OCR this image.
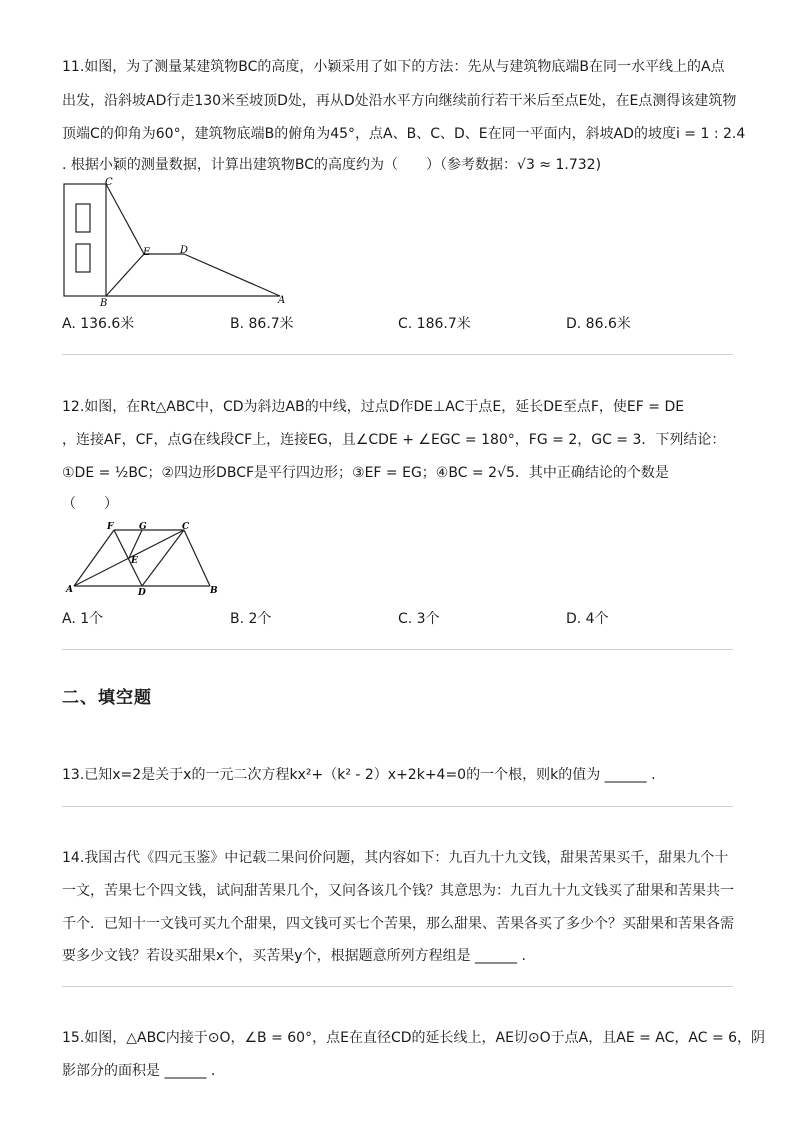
11.如图，为了测量某建筑物BC的高度，小颖采用了如下的方法：先从与建筑物底端B在同一水平线上的A点
出发，沿斜坡AD行走130米至坡顶D处，再从D处沿水平方向继续前行若干米后至点E处，在E点测得该建筑物
顶端C的仰角为60°，建筑物底端B的俯角为45°，点A、B、C、D、E在同一平面内，斜坡AD的坡度i = 1 : 2.4
. 根据小颖的测量数据，计算出建筑物BC的高度约为（　　）（参考数据：√3 ≈ 1.732)
C
E	D
B	A
A. 136.6米	B. 86.7米	C. 186.7米	D. 86.6米
12.如图，在Rt△ABC中，CD为斜边AB的中线，过点D作DE⊥AC于点E，延长DE至点F，使EF = DE
，连接AF，CF，点G在线段CF上，连接EG，且∠CDE + ∠EGC = 180°，FG = 2，GC = 3．下列结论：
①DE = ½BC；②四边形DBCF是平行四边形；③EF = EG；④BC = 2√5．其中正确结论的个数是
（　　）
F	G	C
E
A	D	B
A. 1个	B. 2个	C. 3个	D. 4个
二、填空题
13.已知x=2是关于x的一元二次方程kx²+（k² - 2）x+2k+4=0的一个根，则k的值为 ______ .
14.我国古代《四元玉鉴》中记载二果问价问题，其内容如下：九百九十九文钱，甜果苦果买千，甜果九个十
一文，苦果七个四文钱，试问甜苦果几个，又问各该几个钱？其意思为：九百九十九文钱买了甜果和苦果共一
千个．已知十一文钱可买九个甜果，四文钱可买七个苦果，那么甜果、苦果各买了多少个？买甜果和苦果各需
要多少文钱？若设买甜果x个，买苦果y个，根据题意所列方程组是 ______ .
15.如图，△ABC内接于⊙O，∠B = 60°，点E在直径CD的延长线上，AE切⊙O于点A，且AE = AC，AC = 6，阴
影部分的面积是 ______ .
